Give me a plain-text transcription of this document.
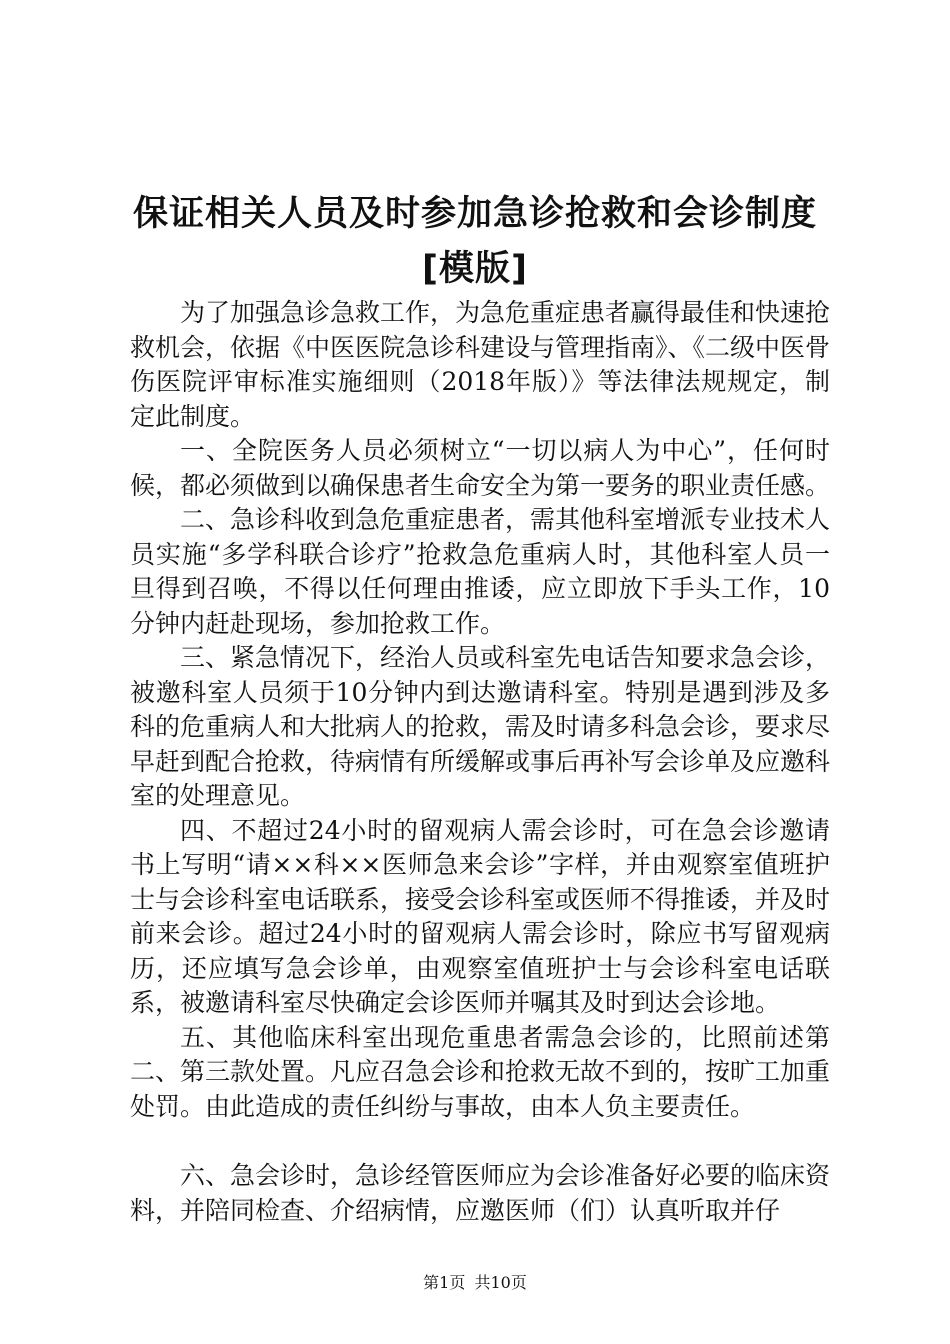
保证相关人员及时参加急诊抢救和会诊制度
[模版]

为了加强急诊急救工作，为急危重症患者赢得最佳和快速抢救机会，依据《中医医院急诊科建设与管理指南》、《二级中医骨伤医院评审标准实施细则（2018年版）》等法律法规规定，制定此制度。

一、全院医务人员必须树立“一切以病人为中心”，任何时候，都必须做到以确保患者生命安全为第一要务的职业责任感。

二、急诊科收到急危重症患者，需其他科室增派专业技术人员实施“多学科联合诊疗”抢救急危重病人时，其他科室人员一旦得到召唤，不得以任何理由推诿，应立即放下手头工作，10分钟内赶赴现场，参加抢救工作。

三、紧急情况下，经治人员或科室先电话告知要求急会诊，被邀科室人员须于10分钟内到达邀请科室。特别是遇到涉及多科的危重病人和大批病人的抢救，需及时请多科急会诊，要求尽早赶到配合抢救，待病情有所缓解或事后再补写会诊单及应邀科室的处理意见。

四、不超过24小时的留观病人需会诊时，可在急会诊邀请书上写明“请××科××医师急来会诊”字样，并由观察室值班护士与会诊科室电话联系，接受会诊科室或医师不得推诿，并及时前来会诊。超过24小时的留观病人需会诊时，除应书写留观病历，还应填写急会诊单，由观察室值班护士与会诊科室电话联系，被邀请科室尽快确定会诊医师并嘱其及时到达会诊地。

五、其他临床科室出现危重患者需急会诊的，比照前述第二、第三款处置。凡应召急会诊和抢救无故不到的，按旷工加重处罚。由此造成的责任纠纷与事故，由本人负主要责任。

六、急会诊时，急诊经管医师应为会诊准备好必要的临床资料，并陪同检查、介绍病情，应邀医师（们）认真听取并仔

第1页 共10页
